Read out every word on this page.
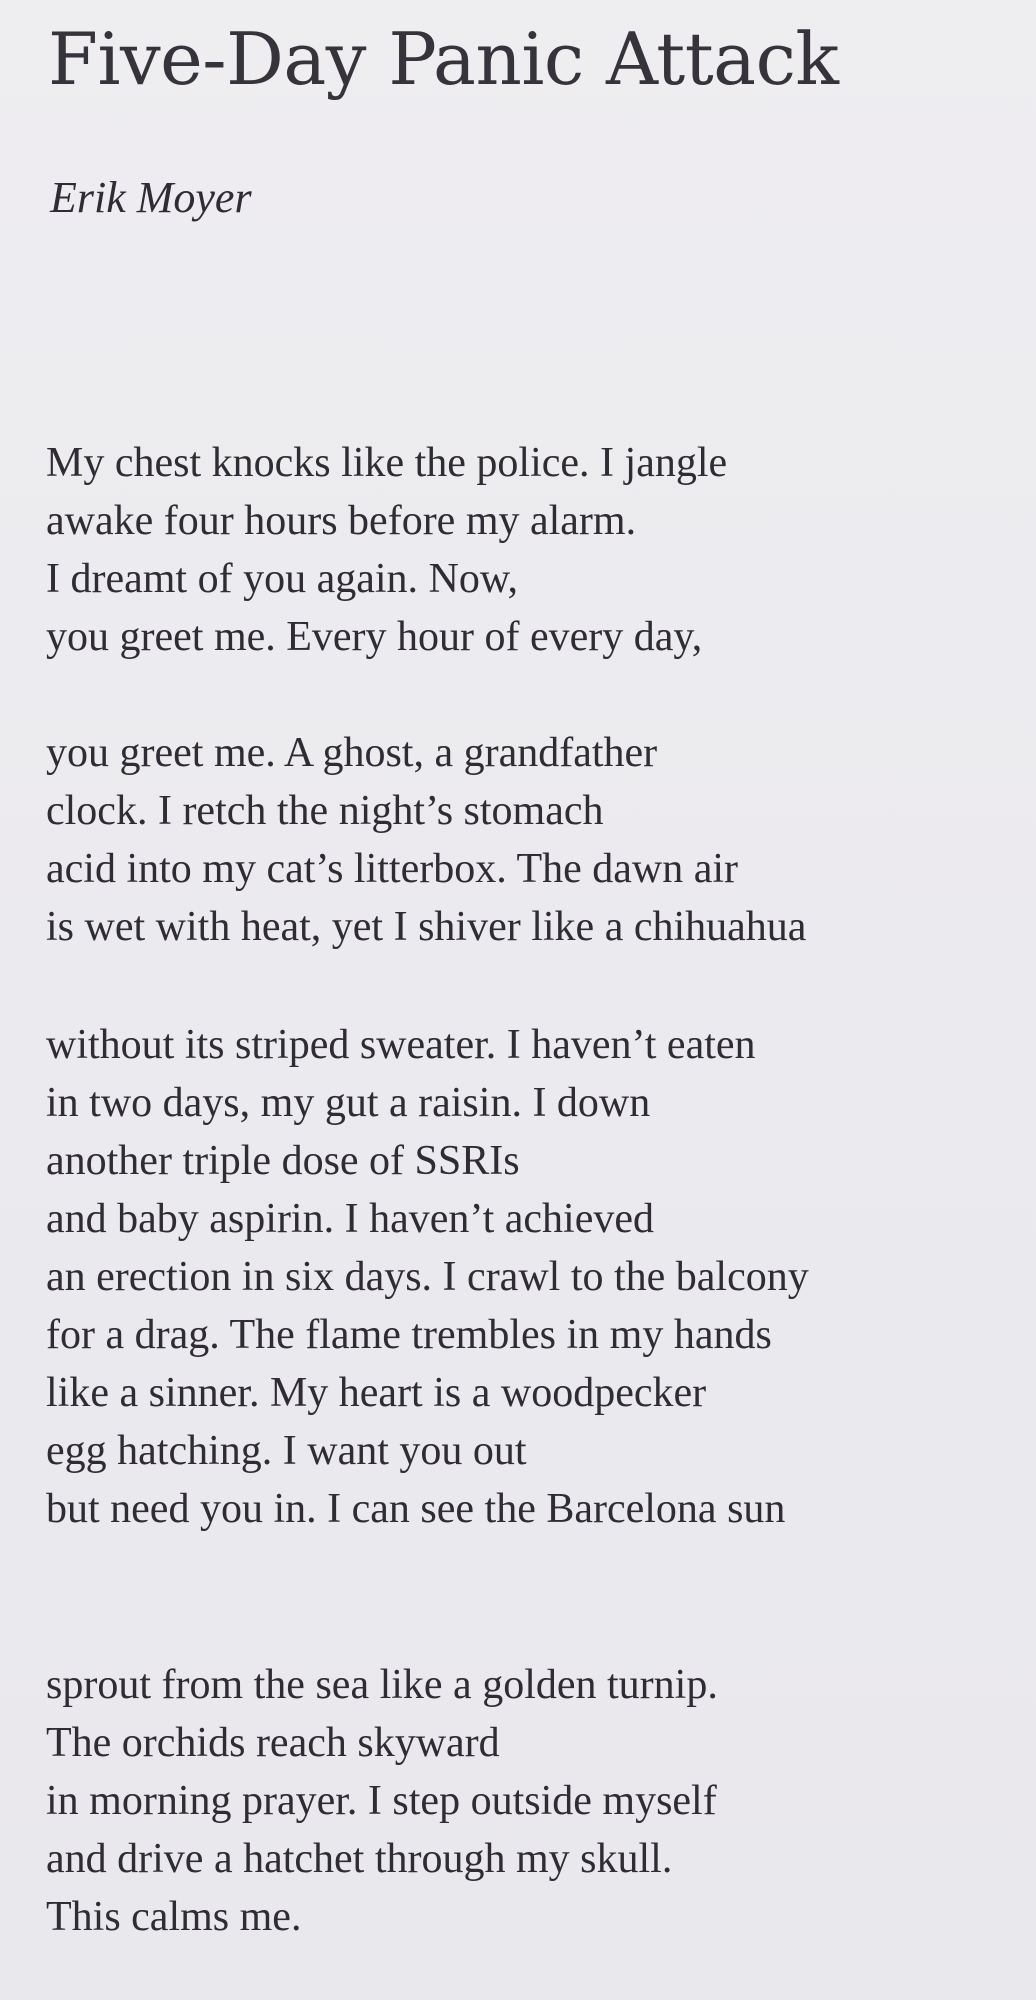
Five-Day Panic Attack

Erik Moyer

My chest knocks like the police. I jangle
awake four hours before my alarm.
I dreamt of you again. Now,
you greet me. Every hour of every day,
you greet me. A ghost, a grandfather
clock. I retch the night’s stomach
acid into my cat’s litterbox. The dawn air
is wet with heat, yet I shiver like a chihuahua
without its striped sweater. I haven’t eaten
in two days, my gut a raisin. I down
another triple dose of SSRIs
and baby aspirin. I haven’t achieved
an erection in six days. I crawl to the balcony
for a drag. The flame trembles in my hands
like a sinner. My heart is a woodpecker
egg hatching. I want you out
but need you in. I can see the Barcelona sun
sprout from the sea like a golden turnip.
The orchids reach skyward
in morning prayer. I step outside myself
and drive a hatchet through my skull.
This calms me.
